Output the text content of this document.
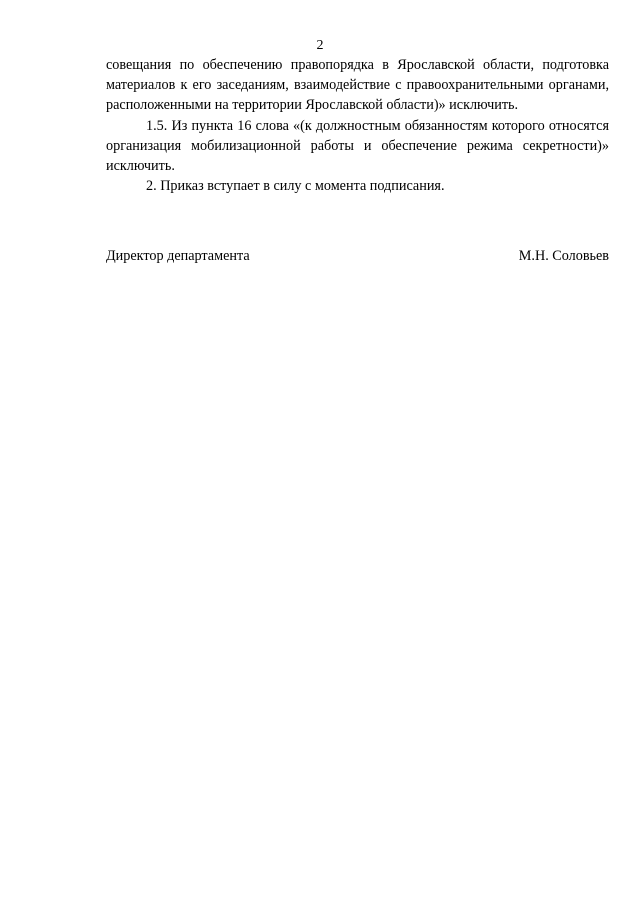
2

совещания по обеспечению правопорядка в Ярославской области, подготовка материалов к его заседаниям, взаимодействие с правоохранительными органами, расположенными на территории Ярославской области)» исключить.

1.5. Из пункта 16 слова «(к должностным обязанностям которого относятся организация мобилизационной работы и обеспечение режима секретности)» исключить.

2. Приказ вступает в силу с момента подписания.

Директор департамента	М.Н. Соловьев
